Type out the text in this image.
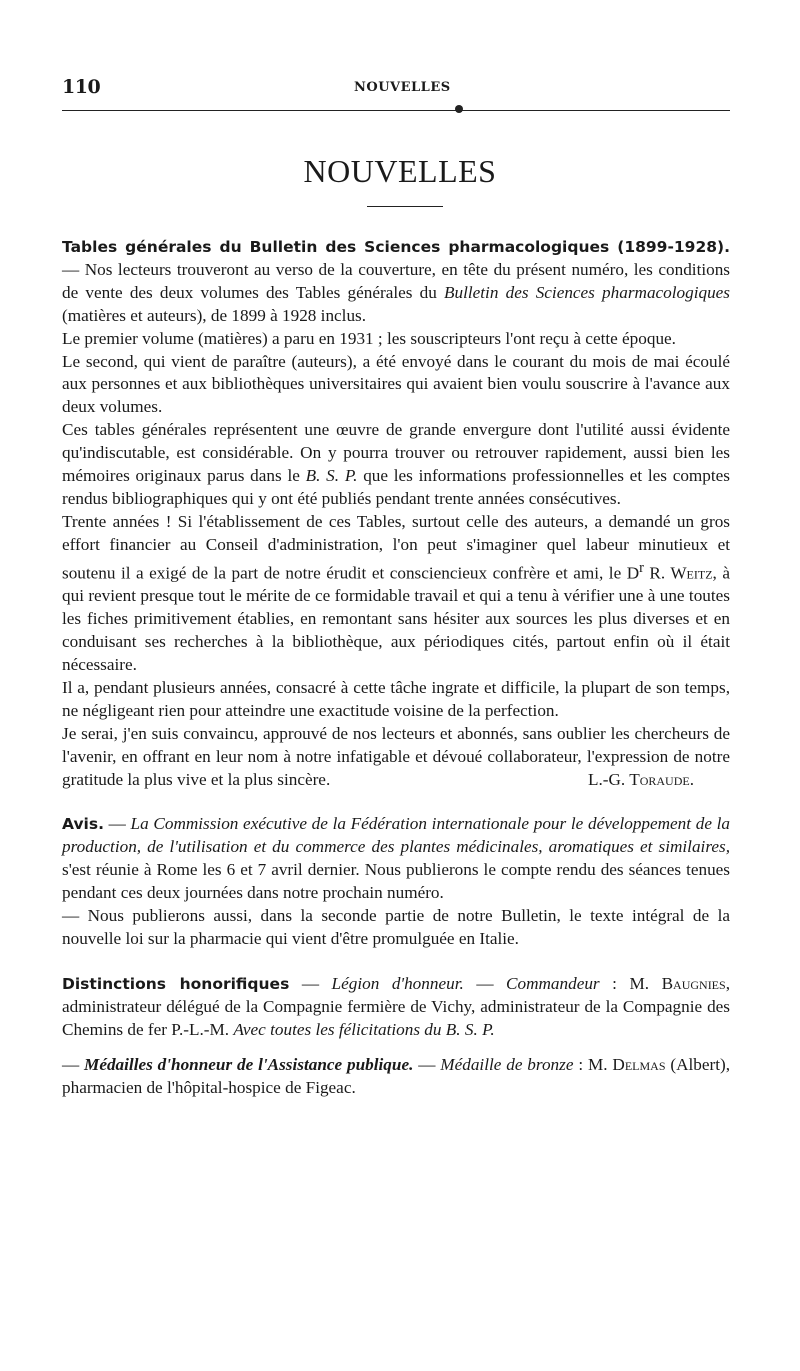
110	NOUVELLES
NOUVELLES

Tables générales du Bulletin des Sciences pharmacologiques (1899-1928). — Nos lecteurs trouveront au verso de la couverture, en tête du présent numéro, les conditions de vente des deux volumes des Tables générales du Bulletin des Sciences pharmacologiques (matières et auteurs), de 1899 à 1928 inclus.

Le premier volume (matières) a paru en 1931 ; les souscripteurs l'ont reçu à cette époque.

Le second, qui vient de paraître (auteurs), a été envoyé dans le courant du mois de mai écoulé aux personnes et aux bibliothèques universitaires qui avaient bien voulu souscrire à l'avance aux deux volumes.

Ces tables générales représentent une œuvre de grande envergure dont l'utilité aussi évidente qu'indiscutable, est considérable. On y pourra trouver ou retrouver rapidement, aussi bien les mémoires originaux parus dans le B. S. P. que les informations professionnelles et les comptes rendus bibliographiques qui y ont été publiés pendant trente années consécutives.

Trente années ! Si l'établissement de ces Tables, surtout celle des auteurs, a demandé un gros effort financier au Conseil d'administration, l'on peut s'imaginer quel labeur minutieux et soutenu il a exigé de la part de notre érudit et consciencieux confrère et ami, le $D^r$ R. Weitz, à qui revient presque tout le mérite de ce formidable travail et qui a tenu à vérifier une à une toutes les fiches primitivement établies, en remontant sans hésiter aux sources les plus diverses et en conduisant ses recherches à la bibliothèque, aux périodiques cités, partout enfin où il était nécessaire.

Il a, pendant plusieurs années, consacré à cette tâche ingrate et difficile, la plupart de son temps, ne négligeant rien pour atteindre une exactitude voisine de la perfection.

Je serai, j'en suis convaincu, approuvé de nos lecteurs et abonnés, sans oublier les chercheurs de l'avenir, en offrant en leur nom à notre infatigable et dévoué collaborateur, l'expression de notre gratitude la plus vive et la plus sincère.	L.-G. Toraude.

Avis. — La Commission exécutive de la Fédération internationale pour le développement de la production, de l'utilisation et du commerce des plantes médicinales, aromatiques et similaires, s'est réunie à Rome les 6 et 7 avril dernier. Nous publierons le compte rendu des séances tenues pendant ces deux journées dans notre prochain numéro.

— Nous publierons aussi, dans la seconde partie de notre Bulletin, le texte intégral de la nouvelle loi sur la pharmacie qui vient d'être promulguée en Italie.

Distinctions honorifiques — Légion d'honneur. — Commandeur : M. Baugnies, administrateur délégué de la Compagnie fermière de Vichy, administrateur de la Compagnie des Chemins de fer P.-L.-M. Avec toutes les félicitations du B. S. P.

— Médailles d'honneur de l'Assistance publique. — Médaille de bronze : M. Delmas (Albert), pharmacien de l'hôpital-hospice de Figeac.
